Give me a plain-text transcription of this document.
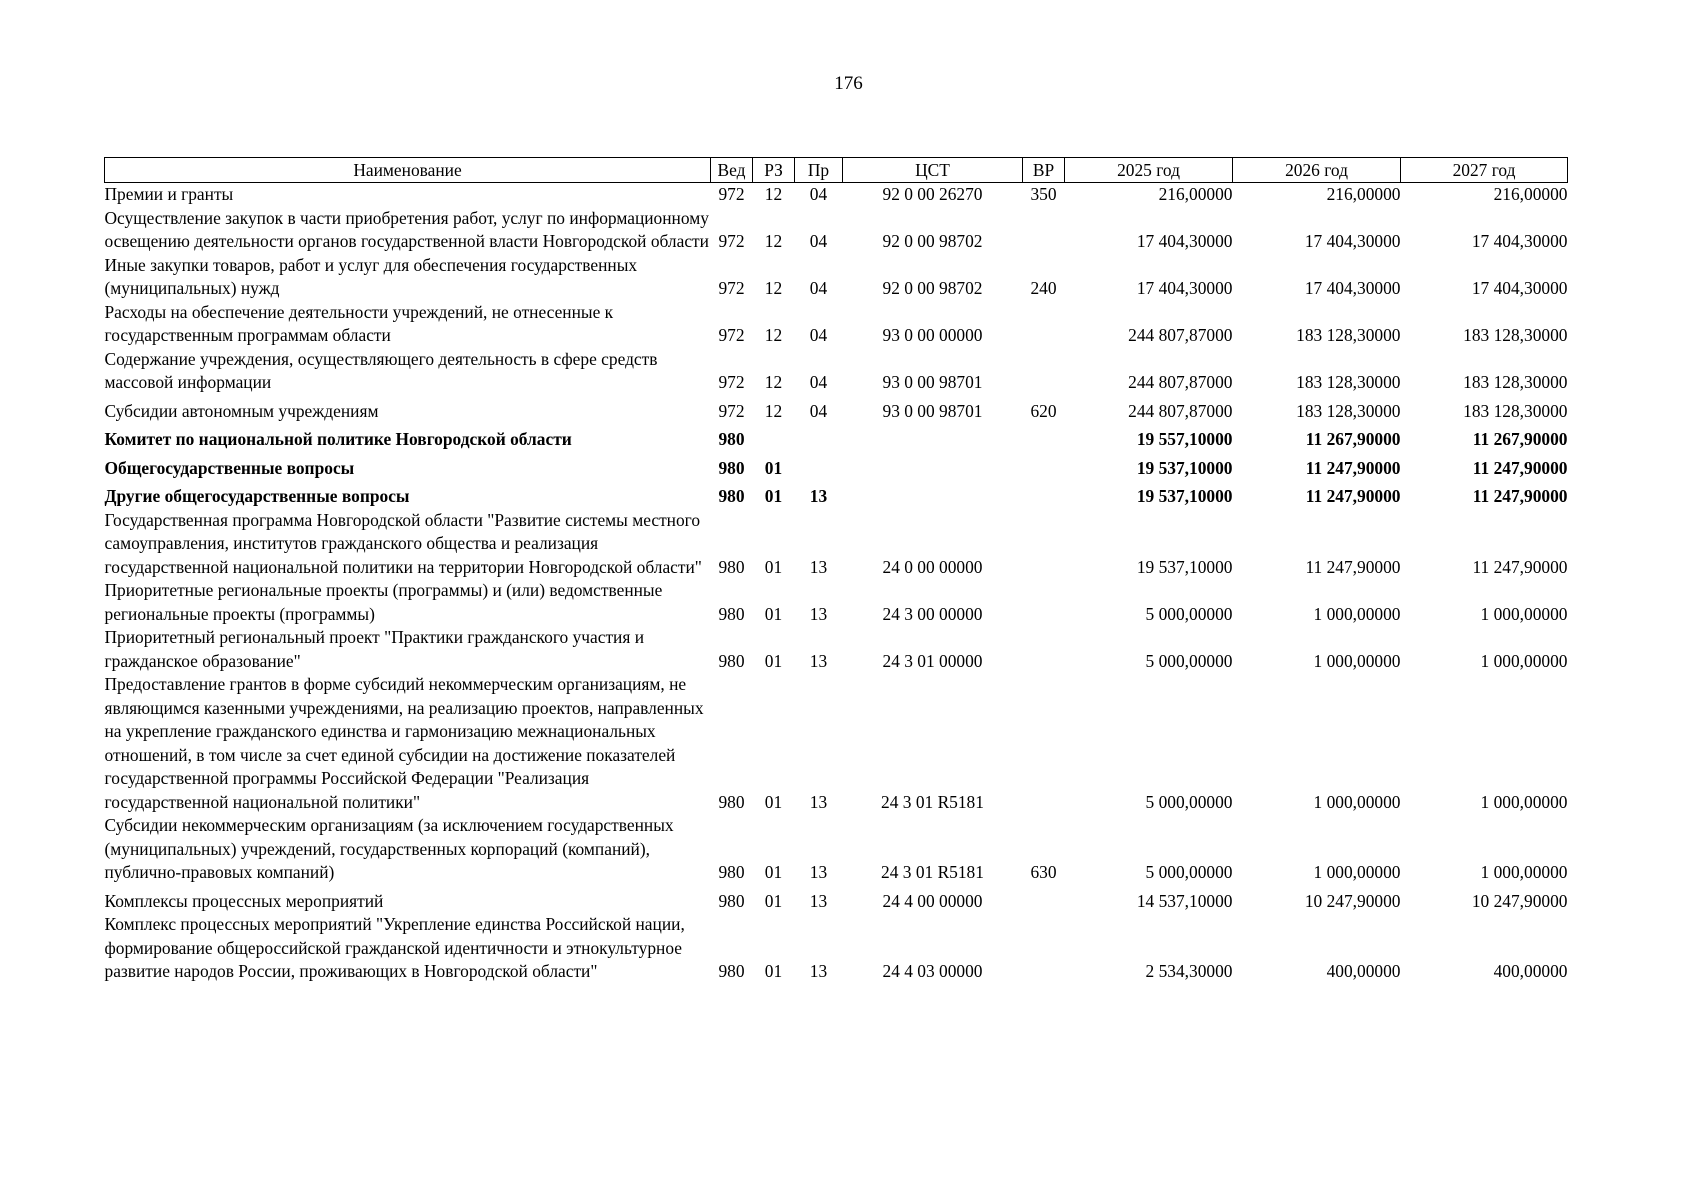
176
Наименование	Вед	РЗ	Пр	ЦСТ	ВР	2025 год	2026 год	2027 год
Премии и гранты	972	12	04	92 0 00 26270	350	216,00000	216,00000	216,00000
Осуществление закупок в части приобретения работ, услуг по информационному освещению деятельности органов государственной власти Новгородской области	972	12	04	92 0 00 98702		17 404,30000	17 404,30000	17 404,30000
Иные закупки товаров, работ и услуг для обеспечения государственных (муниципальных) нужд	972	12	04	92 0 00 98702	240	17 404,30000	17 404,30000	17 404,30000
Расходы на обеспечение деятельности учреждений, не отнесенные к государственным программам области	972	12	04	93 0 00 00000		244 807,87000	183 128,30000	183 128,30000
Содержание учреждения, осуществляющего деятельность в сфере средств массовой информации	972	12	04	93 0 00 98701		244 807,87000	183 128,30000	183 128,30000
Субсидии автономным учреждениям	972	12	04	93 0 00 98701	620	244 807,87000	183 128,30000	183 128,30000
Комитет по национальной политике Новгородской области	980					19 557,10000	11 267,90000	11 267,90000
Общегосударственные вопросы	980	01				19 537,10000	11 247,90000	11 247,90000
Другие общегосударственные вопросы	980	01	13			19 537,10000	11 247,90000	11 247,90000
Государственная программа Новгородской области "Развитие системы местного самоуправления, институтов гражданского общества и реализация государственной национальной политики на территории Новгородской области"	980	01	13	24 0 00 00000		19 537,10000	11 247,90000	11 247,90000
Приоритетные региональные проекты (программы) и (или) ведомственные региональные проекты (программы)	980	01	13	24 3 00 00000		5 000,00000	1 000,00000	1 000,00000
Приоритетный региональный проект "Практики гражданского участия и гражданское образование"	980	01	13	24 3 01 00000		5 000,00000	1 000,00000	1 000,00000
Предоставление грантов в форме субсидий некоммерческим организациям, не являющимся казенными учреждениями, на реализацию проектов, направленных на укрепление гражданского единства и гармонизацию межнациональных отношений, в том числе за счет единой субсидии на достижение показателей государственной программы Российской Федерации "Реализация государственной национальной политики"	980	01	13	24 3 01 R5181		5 000,00000	1 000,00000	1 000,00000
Субсидии некоммерческим организациям (за исключением государственных (муниципальных) учреждений, государственных корпораций (компаний), публично-правовых компаний)	980	01	13	24 3 01 R5181	630	5 000,00000	1 000,00000	1 000,00000
Комплексы процессных мероприятий	980	01	13	24 4 00 00000		14 537,10000	10 247,90000	10 247,90000
Комплекс процессных мероприятий "Укрепление единства Российской нации, формирование общероссийской гражданской идентичности и этнокультурное развитие народов России, проживающих в Новгородской области"	980	01	13	24 4 03 00000		2 534,30000	400,00000	400,00000
